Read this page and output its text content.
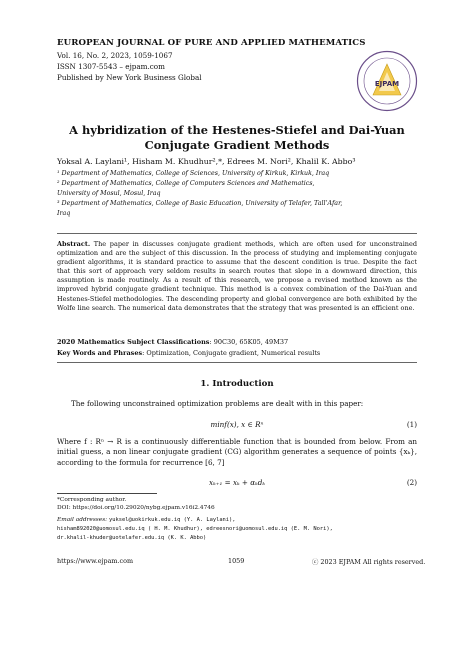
EUROPEAN JOURNAL OF PURE AND APPLIED MATHEMATICS
Vol. 16, No. 2, 2023, 1059-1067
ISSN 1307-5543 – ejpam.com
Published by New York Business Global
EJPAM
A hybridization of the Hestenes-Stiefel and Dai-Yuan
Conjugate Gradient Methods
Yoksal A. Laylani¹, Hisham M. Khudhur²,*, Edrees M. Nori², Khalil K. Abbo³
¹ Department of Mathematics, College of Sciences, University of Kirkuk, Kirkuk, Iraq
² Department of Mathematics, College of Computers Sciences and Mathematics,
University of Mosul, Mosul, Iraq
³ Department of Mathematics, College of Basic Education, University of Telafer, Tall’Afar,
Iraq
Abstract. The paper in discusses conjugate gradient methods, which are often used for unconstrained optimization and are the subject of this discussion. In the process of studying and implementing conjugate gradient algorithms, it is standard practice to assume that the descent condition is true. Despite the fact that this sort of approach very seldom results in search routes that slope in a downward direction, this assumption is made routinely. As a result of this research, we propose a revised method known as the improved hybrid conjugate gradient technique. This method is a convex combination of the Dai-Yuan and Hestenes-Stiefel methodologies. The descending property and global convergence are both exhibited by the Wolfe line search. The numerical data demonstrates that the strategy that was presented is an efficient one.
2020 Mathematics Subject Classifications: 90C30, 65K05, 49M37
Key Words and Phrases: Optimization, Conjugate gradient, Numerical results
1. Introduction
The following unconstrained optimization problems are dealt with in this paper:
minf(x), x ∈ Rⁿ	(1)
Where f : Rⁿ → R is a continuously differentiable function that is bounded from below. From an initial guess, a non linear conjugate gradient (CG) algorithm generates a sequence of points {xₖ}, according to the formula for recurrence [6, 7]
xₖ₊₁ = xₖ + αₖdₖ	(2)
*Corresponding author.
DOI: https://doi.org/10.29020/nybg.ejpam.v16i2.4746
Email addresses: yuksel@uokirkuk.edu.iq (Y. A. Laylani),
hisham892020@uomosul.edu.iq ( H. M. Khudhur), edreesnori@uomosul.edu.iq (E. M. Nori),
dr.khalil-khuder@uotelafer.edu.iq (K. K. Abbo)
https://www.ejpam.com	1059	ⓒ 2023 EJPAM All rights reserved.
